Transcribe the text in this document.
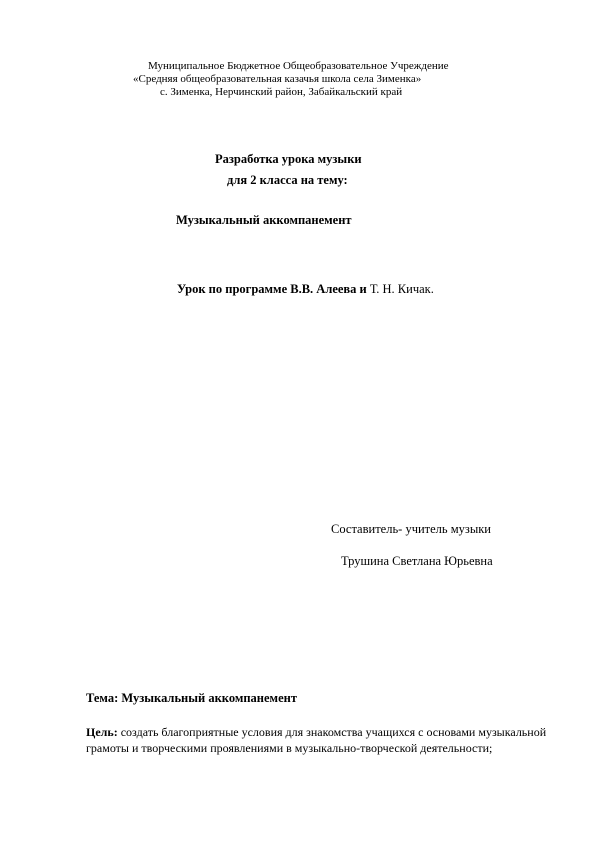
Муниципальное Бюджетное Общеобразовательное Учреждение
«Средняя общеобразовательная казачья школа села Зименка»
с. Зименка, Нерчинский район, Забайкальский край
Разработка урока музыки
для 2 класса на тему:
Музыкальный аккомпанемент
Урок по программе В.В. Алеева и Т. Н. Кичак.
Составитель- учитель музыки
Трушина Светлана Юрьевна
Тема: Музыкальный аккомпанемент
Цель: создать благоприятные условия для знакомства учащихся с основами музыкальной грамоты и творческими проявлениями в музыкально-творческой деятельности;
